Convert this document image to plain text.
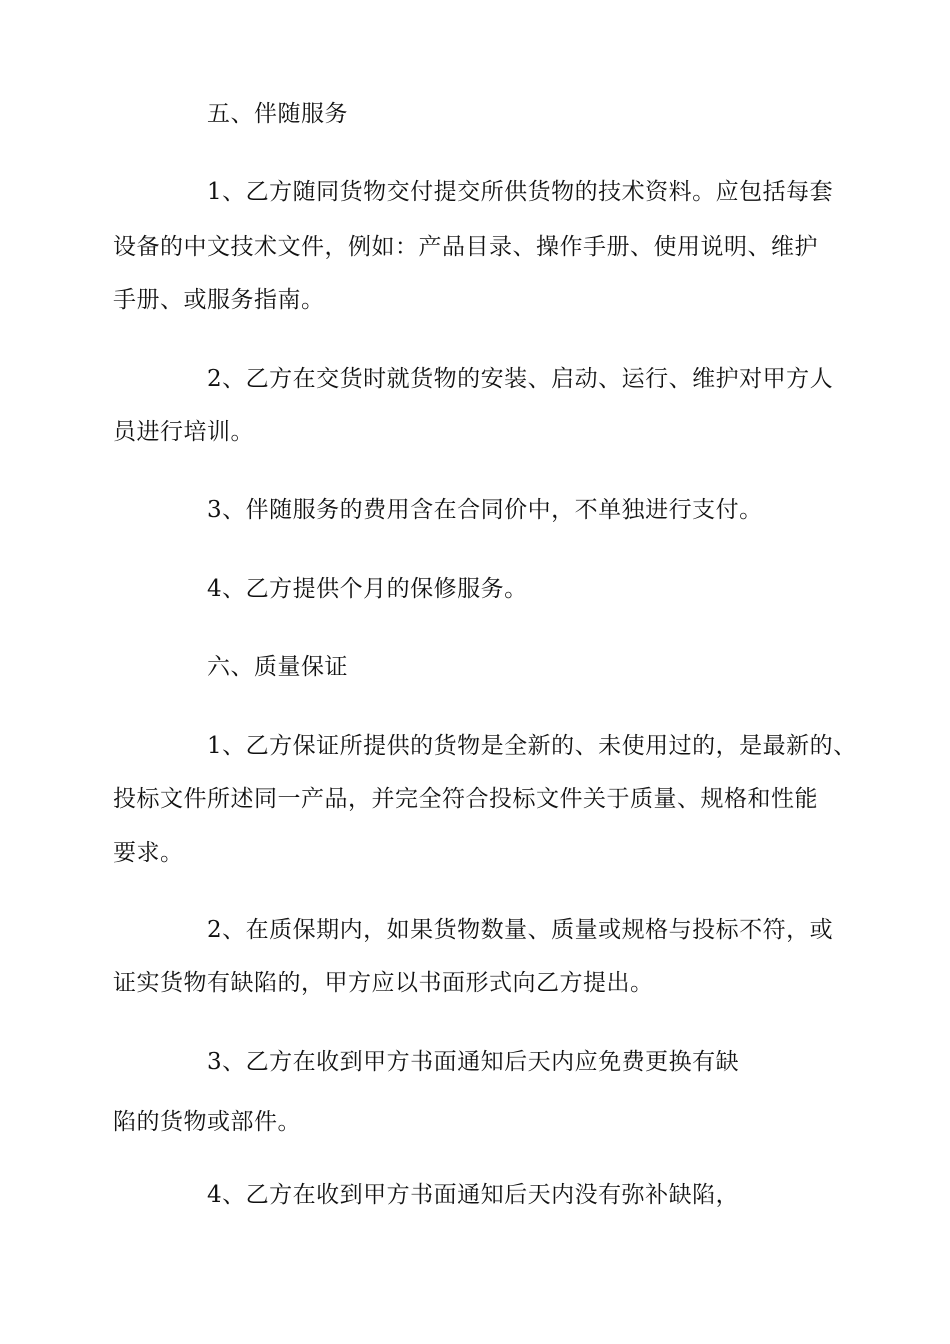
五、伴随服务
1、乙方随同货物交付提交所供货物的技术资料。应包括每套
设备的中文技术文件，例如：产品目录、操作手册、使用说明、维护
手册、或服务指南。
2、乙方在交货时就货物的安装、启动、运行、维护对甲方人
员进行培训。
3、伴随服务的费用含在合同价中，不单独进行支付。
4、乙方提供个月的保修服务。
六、质量保证
1、乙方保证所提供的货物是全新的、未使用过的，是最新的、
投标文件所述同一产品，并完全符合投标文件关于质量、规格和性能
要求。
2、在质保期内，如果货物数量、质量或规格与投标不符，或
证实货物有缺陷的，甲方应以书面形式向乙方提出。
3、乙方在收到甲方书面通知后天内应免费更换有缺
陷的货物或部件。
4、乙方在收到甲方书面通知后天内没有弥补缺陷，
